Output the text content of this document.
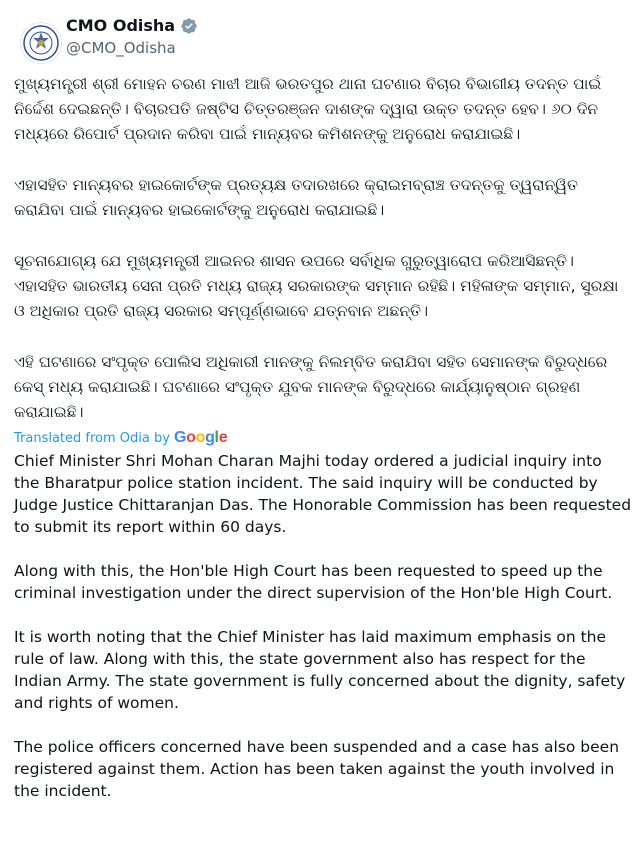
CMO Odisha
@CMO_Odisha

ମୁଖ୍ୟମନ୍ତ୍ରୀ ଶ୍ରୀ ମୋହନ ଚରଣ ମାଝୀ ଆଜି ଭରତପୁର ଥାନା ଘଟଣାର ବିଚାର ବିଭାଗୀୟ ତଦନ୍ତ ପାଇଁ ନିର୍ଦ୍ଦେଶ ଦେଇଛନ୍ତି। ବିଚାରପତି ଜଷ୍ଟିସ ଚିତ୍ତରଞ୍ଜନ ଦାଶଙ୍କ ଦ୍ୱାରା ଉକ୍ତ ତଦନ୍ତ ହେବ। ୬୦ ଦିନ ମଧ୍ୟରେ ରିପୋର୍ଟ ପ୍ରଦାନ କରିବା ପାଇଁ ମାନ୍ୟବର କମିଶନଙ୍କୁ ଅନୁରୋଧ କରାଯାଇଛି।

ଏହାସହିତ ମାନ୍ୟବର ହାଇକୋର୍ଟଙ୍କ ପ୍ରତ୍ୟକ୍ଷ ତଦାରଖରେ କ୍ରାଇମବ୍ରାଞ୍ଚ ତଦନ୍ତକୁ ତ୍ୱରାନ୍ୱିତ କରାଯିବା ପାଇଁ ମାନ୍ୟବର ହାଇକୋର୍ଟଙ୍କୁ ଅନୁରୋଧ କରାଯାଇଛି।

ସୂଚନାଯୋଗ୍ୟ ଯେ ମୁଖ୍ୟମନ୍ତ୍ରୀ ଆଇନର ଶାସନ ଉପରେ ସର୍ବାଧିକ ଗୁରୁତ୍ୱାରୋପ କରିଆସିଛନ୍ତି। ଏହାସହିତ ଭାରତୀୟ ସେନା ପ୍ରତି ମଧ୍ୟ ରାଜ୍ୟ ସରକାରଙ୍କ ସମ୍ମାନ ରହିଛି। ମହିଳାଙ୍କ ସମ୍ମାନ, ସୁରକ୍ଷା ଓ ଅଧିକାର ପ୍ରତି ରାଜ୍ୟ ସରକାର ସମ୍ପୂର୍ଣ୍ଣଭାବେ ଯତ୍ନବାନ ଅଛନ୍ତି।

ଏହି ଘଟଣାରେ ସଂପୃକ୍ତ ପୋଲିସ ଅଧିକାରୀ ମାନଙ୍କୁ ନିଲମ୍ବିତ କରାଯିବା ସହିତ ସେମାନଙ୍କ ବିରୁଦ୍ଧରେ କେସ୍ ମଧ୍ୟ କରାଯାଇଛି। ଘଟଣାରେ ସଂପୃକ୍ତ ଯୁବକ ମାନଙ୍କ ବିରୁଦ୍ଧରେ କାର୍ଯ୍ୟାନୁଷ୍ଠାନ ଗ୍ରହଣ କରାଯାଇଛି।

Translated from Odia by Google

Chief Minister Shri Mohan Charan Majhi today ordered a judicial inquiry into the Bharatpur police station incident. The said inquiry will be conducted by Judge Justice Chittaranjan Das. The Honorable Commission has been requested to submit its report within 60 days.

Along with this, the Hon'ble High Court has been requested to speed up the criminal investigation under the direct supervision of the Hon'ble High Court.

It is worth noting that the Chief Minister has laid maximum emphasis on the rule of law. Along with this, the state government also has respect for the Indian Army. The state government is fully concerned about the dignity, safety and rights of women.

The police officers concerned have been suspended and a case has also been registered against them. Action has been taken against the youth involved in the incident.
